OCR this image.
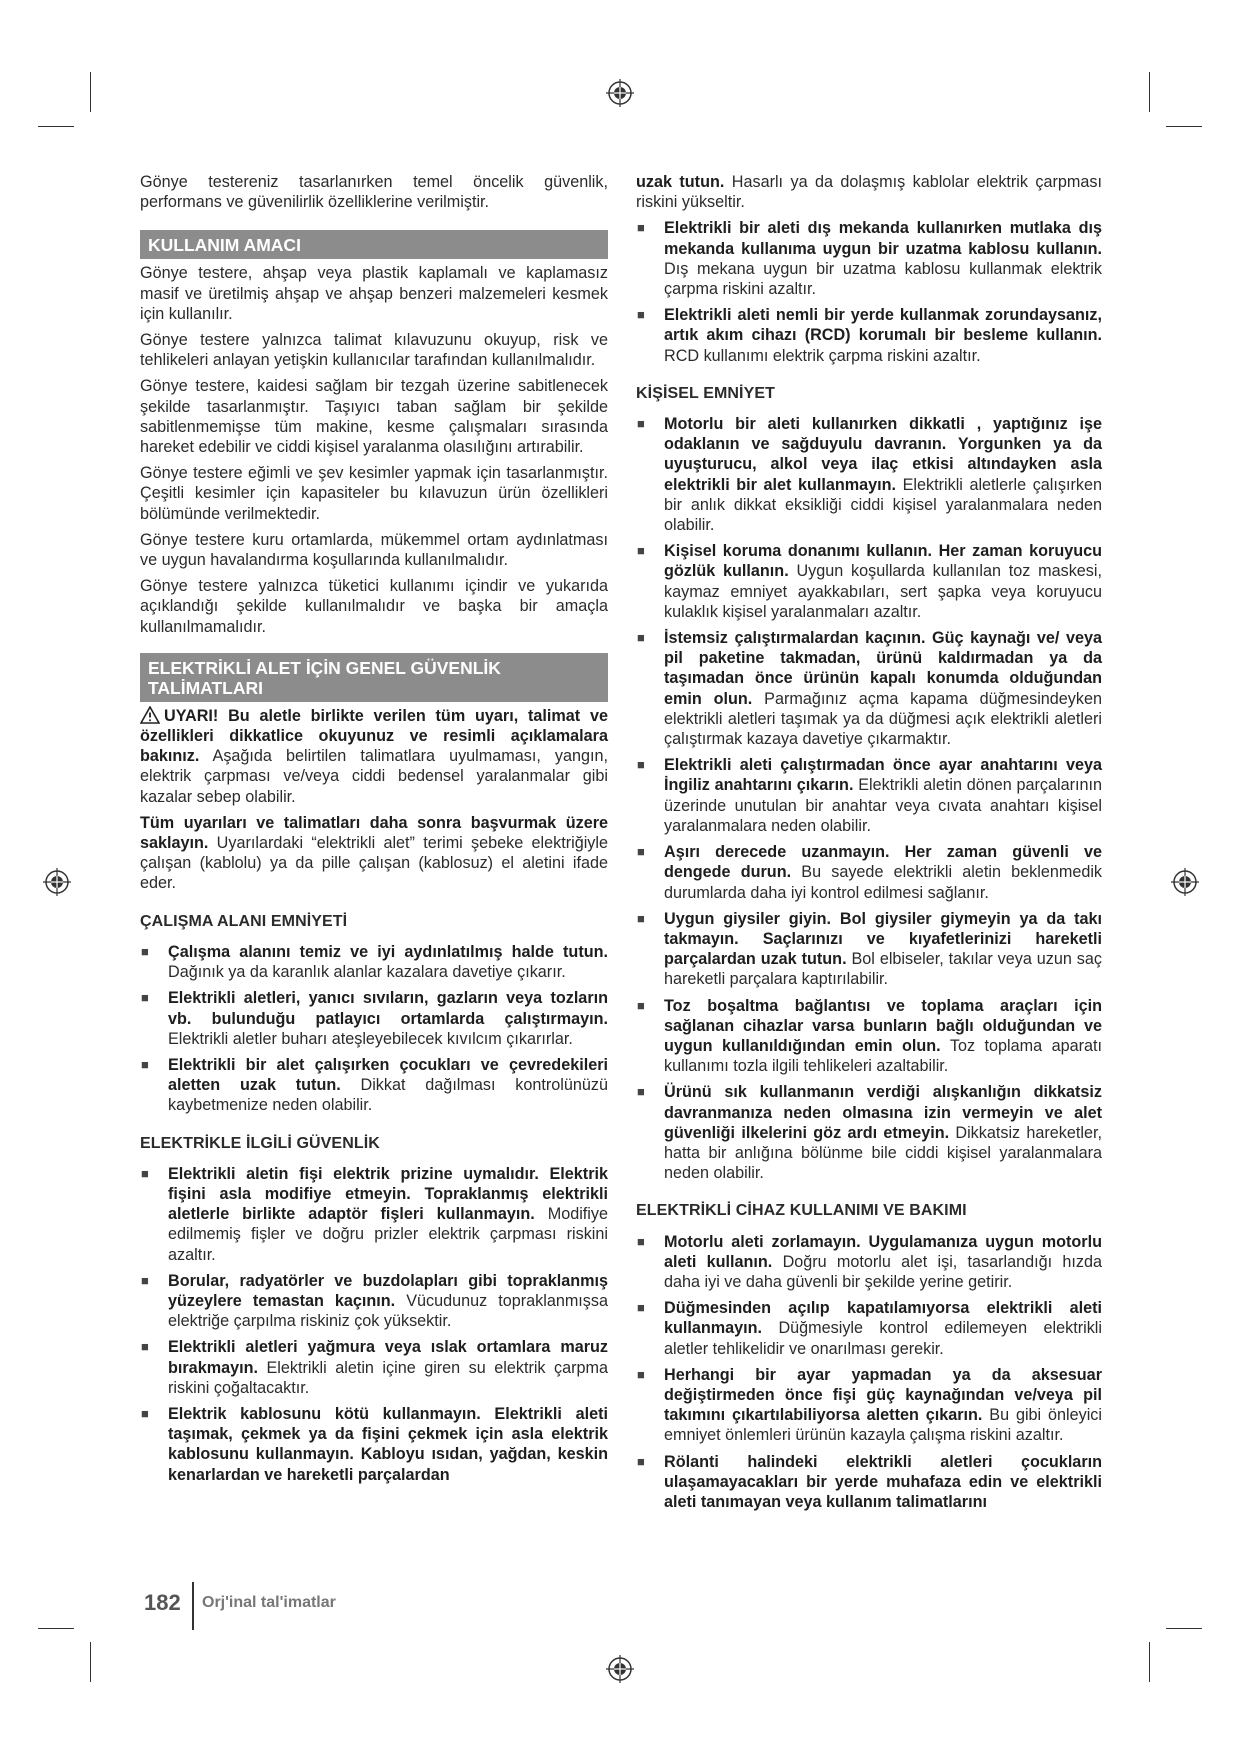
Gönye testereniz tasarlanırken temel öncelik güvenlik, performans ve güvenilirlik özelliklerine verilmiştir.

KULLANIM AMACI

Gönye testere, ahşap veya plastik kaplamalı ve kaplamasız masif ve üretilmiş ahşap ve ahşap benzeri malzemeleri kesmek için kullanılır.

Gönye testere yalnızca talimat kılavuzunu okuyup, risk ve tehlikeleri anlayan yetişkin kullanıcılar tarafından kullanılmalıdır.

Gönye testere, kaidesi sağlam bir tezgah üzerine sabitlenecek şekilde tasarlanmıştır. Taşıyıcı taban sağlam bir şekilde sabitlenmemişse tüm makine, kesme çalışmaları sırasında hareket edebilir ve ciddi kişisel yaralanma olasılığını artırabilir.

Gönye testere eğimli ve şev kesimler yapmak için tasarlanmıştır. Çeşitli kesimler için kapasiteler bu kılavuzun ürün özellikleri bölümünde verilmektedir.

Gönye testere kuru ortamlarda, mükemmel ortam aydınlatması ve uygun havalandırma koşullarında kullanılmalıdır.

Gönye testere yalnızca tüketici kullanımı içindir ve yukarıda açıklandığı şekilde kullanılmalıdır ve başka bir amaçla kullanılmamalıdır.

ELEKTRİKLİ ALET İÇİN GENEL GÜVENLİK
TALİMATLARI

UYARI! Bu aletle birlikte verilen tüm uyarı, talimat ve özellikleri dikkatlice okuyunuz ve resimli açıklamalara bakınız. Aşağıda belirtilen talimatlara uyulmaması, yangın, elektrik çarpması ve/veya ciddi bedensel yaralanmalar gibi kazalar sebep olabilir.

Tüm uyarıları ve talimatları daha sonra başvurmak üzere saklayın. Uyarılardaki “elektrikli alet” terimi şebeke elektriğiyle çalışan (kablolu) ya da pille çalışan (kablosuz) el aletini ifade eder.

ÇALIŞMA ALANI EMNİYETİ
■ Çalışma alanını temiz ve iyi aydınlatılmış halde tutun. Dağınık ya da karanlık alanlar kazalara davetiye çıkarır.
■ Elektrikli aletleri, yanıcı sıvıların, gazların veya tozların vb. bulunduğu patlayıcı ortamlarda çalıştırmayın. Elektrikli aletler buharı ateşleyebilecek kıvılcım çıkarırlar.
■ Elektrikli bir alet çalışırken çocukları ve çevredekileri aletten uzak tutun. Dikkat dağılması kontrolünüzü kaybetmenize neden olabilir.
ELEKTRİKLE İLGİLİ GÜVENLİK
■ Elektrikli aletin fişi elektrik prizine uymalıdır. Elektrik fişini asla modifiye etmeyin. Topraklanmış elektrikli aletlerle birlikte adaptör fişleri kullanmayın. Modifiye edilmemiş fişler ve doğru prizler elektrik çarpması riskini azaltır.
■ Borular, radyatörler ve buzdolapları gibi topraklanmış yüzeylere temastan kaçının. Vücudunuz topraklanmışsa elektriğe çarpılma riskiniz çok yüksektir.
■ Elektrikli aletleri yağmura veya ıslak ortamlara maruz bırakmayın. Elektrikli aletin içine giren su elektrik çarpma riskini çoğaltacaktır.
■ Elektrik kablosunu kötü kullanmayın. Elektrikli aleti taşımak, çekmek ya da fişini çekmek için asla elektrik kablosunu kullanmayın. Kabloyu ısıdan, yağdan, keskin kenarlardan ve hareketli parçalardan

uzak tutun. Hasarlı ya da dolaşmış kablolar elektrik çarpması riskini yükseltir.

■ Elektrikli bir aleti dış mekanda kullanırken mutlaka dış mekanda kullanıma uygun bir uzatma kablosu kullanın. Dış mekana uygun bir uzatma kablosu kullanmak elektrik çarpma riskini azaltır.
■ Elektrikli aleti nemli bir yerde kullanmak zorundaysanız, artık akım cihazı (RCD) korumalı bir besleme kullanın. RCD kullanımı elektrik çarpma riskini azaltır.
KİŞİSEL EMNİYET
■ Motorlu bir aleti kullanırken dikkatli , yaptığınız işe odaklanın ve sağduyulu davranın. Yorgunken ya da uyuşturucu, alkol veya ilaç etkisi altındayken asla elektrikli bir alet kullanmayın. Elektrikli aletlerle çalışırken bir anlık dikkat eksikliği ciddi kişisel yaralanmalara neden olabilir.
■ Kişisel koruma donanımı kullanın. Her zaman koruyucu gözlük kullanın. Uygun koşullarda kullanılan toz maskesi, kaymaz emniyet ayakkabıları, sert şapka veya koruyucu kulaklık kişisel yaralanmaları azaltır.
■ İstemsiz çalıştırmalardan kaçının. Güç kaynağı ve/ veya pil paketine takmadan, ürünü kaldırmadan ya da taşımadan önce ürünün kapalı konumda olduğundan emin olun. Parmağınız açma kapama düğmesindeyken elektrikli aletleri taşımak ya da düğmesi açık elektrikli aletleri çalıştırmak kazaya davetiye çıkarmaktır.
■ Elektrikli aleti çalıştırmadan önce ayar anahtarını veya İngiliz anahtarını çıkarın. Elektrikli aletin dönen parçalarının üzerinde unutulan bir anahtar veya cıvata anahtarı kişisel yaralanmalara neden olabilir.
■ Aşırı derecede uzanmayın. Her zaman güvenli ve dengede durun. Bu sayede elektrikli aletin beklenmedik durumlarda daha iyi kontrol edilmesi sağlanır.
■ Uygun giysiler giyin. Bol giysiler giymeyin ya da takı takmayın. Saçlarınızı ve kıyafetlerinizi hareketli parçalardan uzak tutun. Bol elbiseler, takılar veya uzun saç hareketli parçalara kaptırılabilir.
■ Toz boşaltma bağlantısı ve toplama araçları için sağlanan cihazlar varsa bunların bağlı olduğundan ve uygun kullanıldığından emin olun. Toz toplama aparatı kullanımı tozla ilgili tehlikeleri azaltabilir.
■ Ürünü sık kullanmanın verdiği alışkanlığın dikkatsiz davranmanıza neden olmasına izin vermeyin ve alet güvenliği ilkelerini göz ardı etmeyin. Dikkatsiz hareketler, hatta bir anlığına bölünme bile ciddi kişisel yaralanmalara neden olabilir.
ELEKTRİKLİ CİHAZ KULLANIMI VE BAKIMI
■ Motorlu aleti zorlamayın. Uygulamanıza uygun motorlu aleti kullanın. Doğru motorlu alet işi, tasarlandığı hızda daha iyi ve daha güvenli bir şekilde yerine getirir.
■ Düğmesinden açılıp kapatılamıyorsa elektrikli aleti kullanmayın. Düğmesiyle kontrol edilemeyen elektrikli aletler tehlikelidir ve onarılması gerekir.
■ Herhangi bir ayar yapmadan ya da aksesuar değiştirmeden önce fişi güç kaynağından ve/veya pil takımını çıkartılabiliyorsa aletten çıkarın. Bu gibi önleyici emniyet önlemleri ürünün kazayla çalışma riskini azaltır.
■ Rölanti halindeki elektrikli aletleri çocukların ulaşamayacakları bir yerde muhafaza edin ve elektrikli aleti tanımayan veya kullanım talimatlarını
182 Orj'inal tal'imatlar
